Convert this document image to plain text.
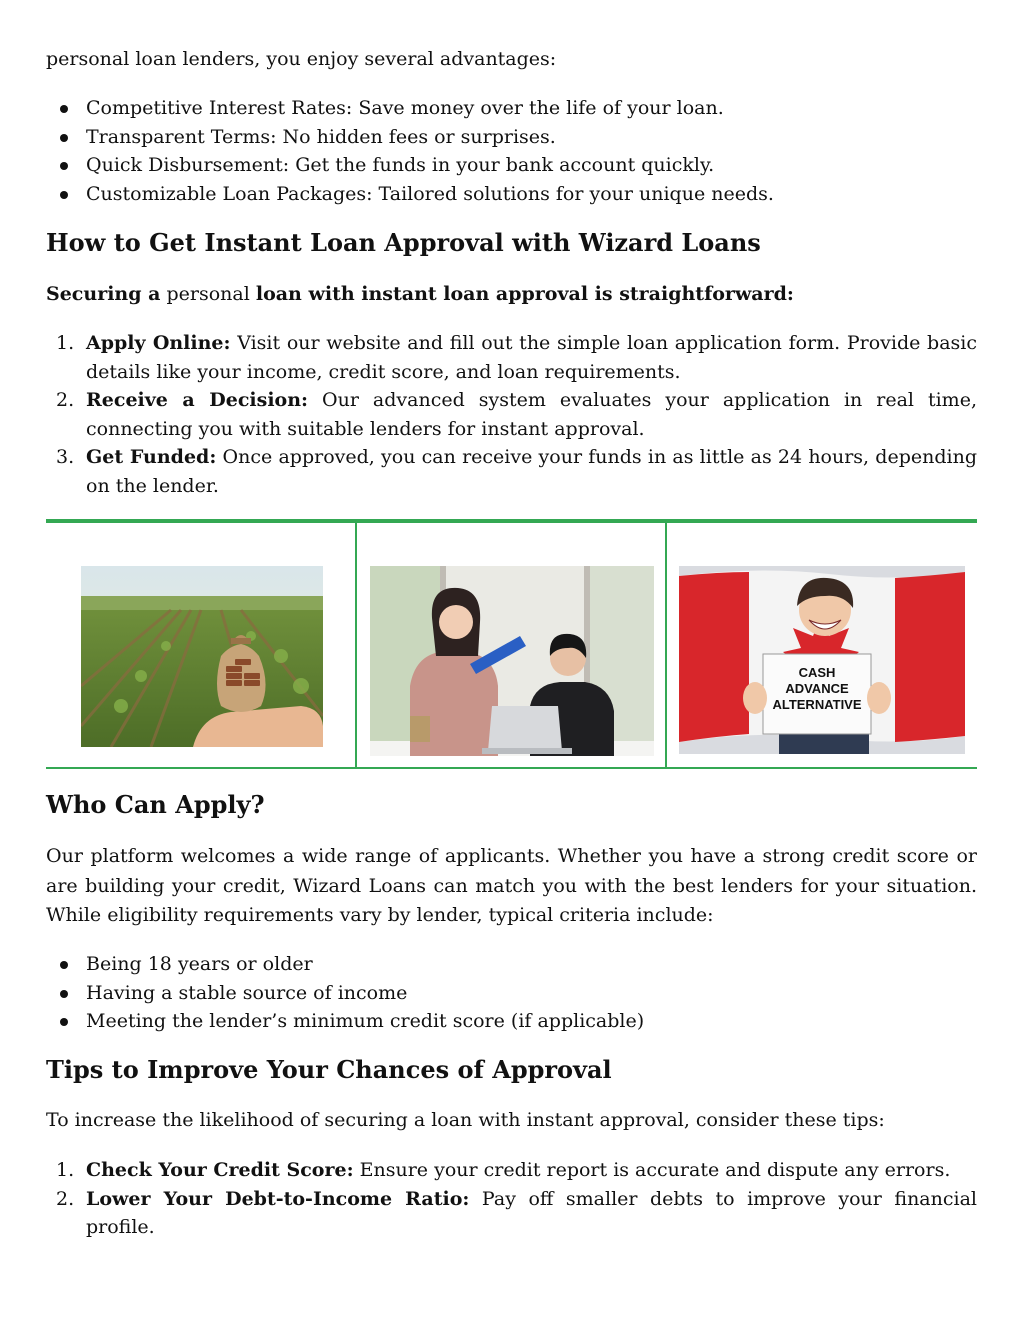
personal loan lenders, you enjoy several advantages:

Competitive Interest Rates: Save money over the life of your loan.
Transparent Terms: No hidden fees or surprises.
Quick Disbursement: Get the funds in your bank account quickly.
Customizable Loan Packages: Tailored solutions for your unique needs.
How to Get Instant Loan Approval with Wizard Loans

Securing a personal loan with instant loan approval is straightforward:

1. Apply Online: Visit our website and fill out the simple loan application form. Provide basic details like your income, credit score, and loan requirements.
2. Receive a Decision: Our advanced system evaluates your application in real time, connecting you with suitable lenders for instant approval.
3. Get Funded: Once approved, you can receive your funds in as little as 24 hours, depending on the lender.
CASH
ADVANCE
ALTERNATIVE
Who Can Apply?

Our platform welcomes a wide range of applicants. Whether you have a strong credit score or are building your credit, Wizard Loans can match you with the best lenders for your situation. While eligibility requirements vary by lender, typical criteria include:

Being 18 years or older
Having a stable source of income
Meeting the lender’s minimum credit score (if applicable)
Tips to Improve Your Chances of Approval

To increase the likelihood of securing a loan with instant approval, consider these tips:

1. Check Your Credit Score: Ensure your credit report is accurate and dispute any errors.
2. Lower Your Debt-to-Income Ratio: Pay off smaller debts to improve your financial profile.
